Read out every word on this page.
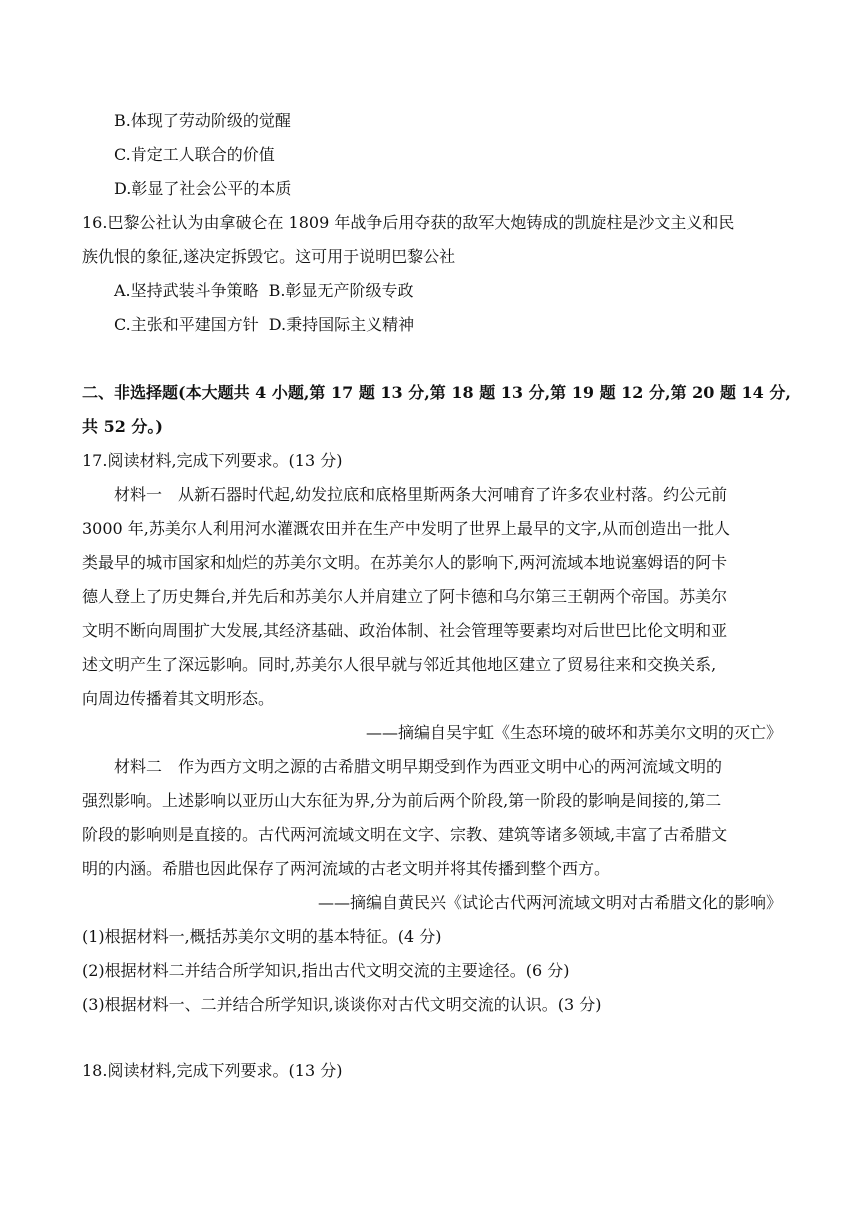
B.体现了劳动阶级的觉醒
C.肯定工人联合的价值
D.彰显了社会公平的本质
16.巴黎公社认为由拿破仑在 1809 年战争后用夺获的敌军大炮铸成的凯旋柱是沙文主义和民
族仇恨的象征,遂决定拆毁它。这可用于说明巴黎公社
A.坚持武装斗争策略 B.彰显无产阶级专政
C.主张和平建国方针 D.秉持国际主义精神
二、非选择题(本大题共 4 小题,第 17 题 13 分,第 18 题 13 分,第 19 题 12 分,第 20 题 14 分,
共 52 分。)
17.阅读材料,完成下列要求。(13 分)
材料一　从新石器时代起,幼发拉底和底格里斯两条大河哺育了许多农业村落。约公元前
3000 年,苏美尔人利用河水灌溉农田并在生产中发明了世界上最早的文字,从而创造出一批人
类最早的城市国家和灿烂的苏美尔文明。在苏美尔人的影响下,两河流域本地说塞姆语的阿卡
德人登上了历史舞台,并先后和苏美尔人并肩建立了阿卡德和乌尔第三王朝两个帝国。苏美尔
文明不断向周围扩大发展,其经济基础、政治体制、社会管理等要素均对后世巴比伦文明和亚
述文明产生了深远影响。同时,苏美尔人很早就与邻近其他地区建立了贸易往来和交换关系,
向周边传播着其文明形态。
——摘编自吴宇虹《生态环境的破坏和苏美尔文明的灭亡》
材料二　作为西方文明之源的古希腊文明早期受到作为西亚文明中心的两河流域文明的
强烈影响。上述影响以亚历山大东征为界,分为前后两个阶段,第一阶段的影响是间接的,第二
阶段的影响则是直接的。古代两河流域文明在文字、宗教、建筑等诸多领域,丰富了古希腊文
明的内涵。希腊也因此保存了两河流域的古老文明并将其传播到整个西方。
——摘编自黄民兴《试论古代两河流域文明对古希腊文化的影响》
(1)根据材料一,概括苏美尔文明的基本特征。(4 分)
(2)根据材料二并结合所学知识,指出古代文明交流的主要途径。(6 分)
(3)根据材料一、二并结合所学知识,谈谈你对古代文明交流的认识。(3 分)
18.阅读材料,完成下列要求。(13 分)
